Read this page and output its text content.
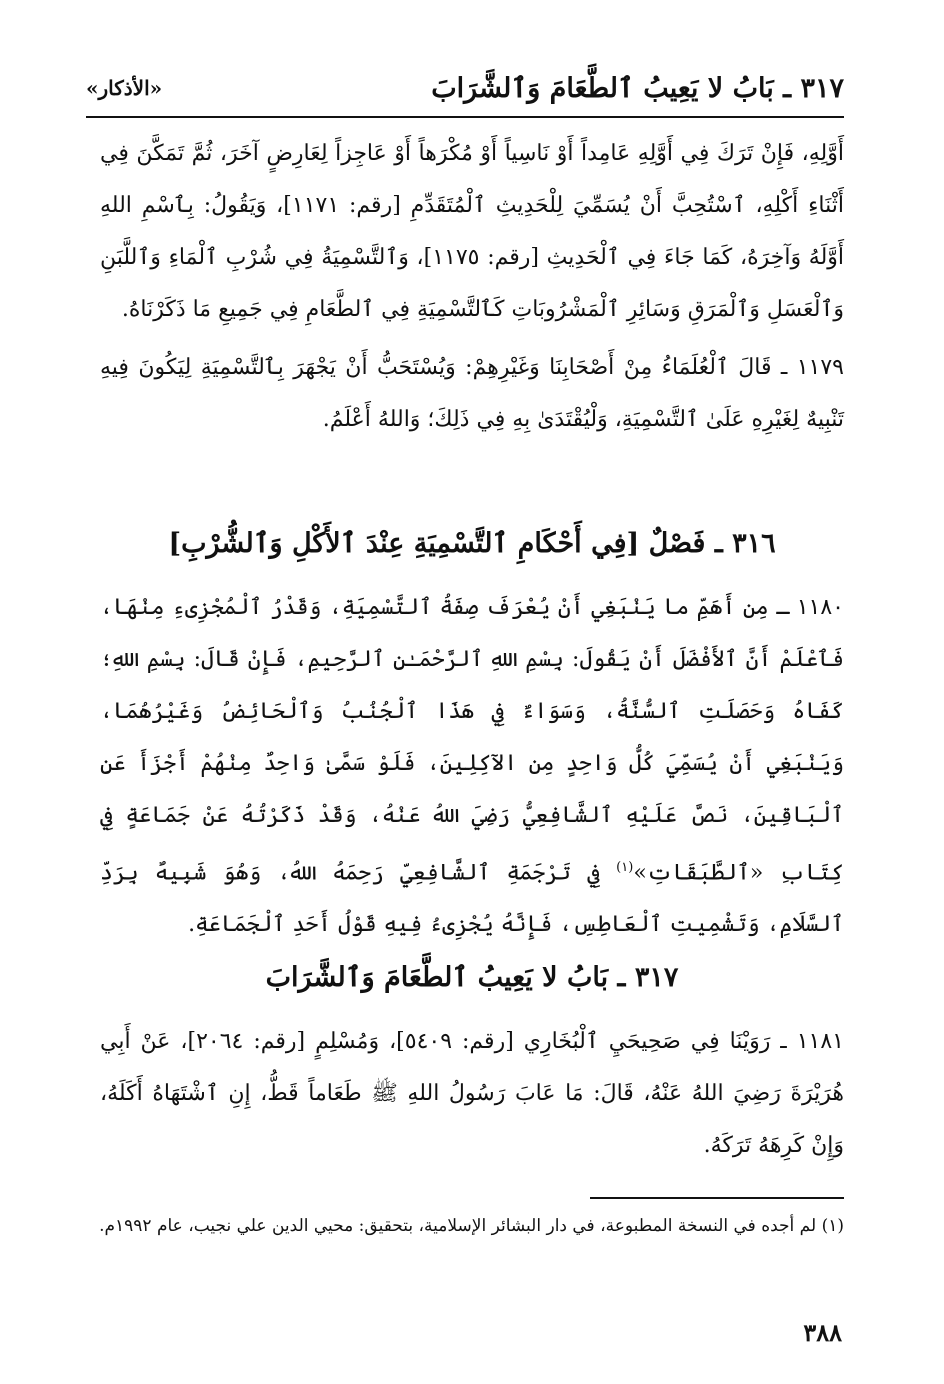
٣١٧ ـ بَابُ لا يَعِيبُ ٱلطَّعَامَ وَٱلشَّرَابَ
«الأذكار»

أَوَّلِهِ، فَإِنْ تَرَكَ فِي أَوَّلِهِ عَامِداً أَوْ نَاسِياً أَوْ مُكْرَهاً أَوْ عَاجِزاً لِعَارِضٍ آخَرَ، ثُمَّ تَمَكَّنَ فِي أَثْنَاءِ أَكْلِهِ، ٱسْتُحِبَّ أَنْ يُسَمِّيَ لِلْحَدِيثِ ٱلْمُتَقَدِّمِ [رقم: ١١٧١]، وَيَقُولُ: بِٱسْمِ اللهِ أَوَّلَهُ وَآخِرَهُ، كَمَا جَاءَ فِي ٱلْحَدِيثِ [رقم: ١١٧٥]، وَٱلتَّسْمِيَةُ فِي شُرْبِ ٱلْمَاءِ وَٱللَّبَنِ وَٱلْعَسَلِ وَٱلْمَرَقِ وَسَائِرِ ٱلْمَشْرُوبَاتِ كَٱلتَّسْمِيَةِ فِي ٱلطَّعَامِ فِي جَمِيعِ مَا ذَكَرْنَاهُ.

١١٧٩ ـ قَالَ ٱلْعُلَمَاءُ مِنْ أَصْحَابِنَا وَغَيْرِهِمْ: وَيُسْتَحَبُّ أَنْ يَجْهَرَ بِٱلتَّسْمِيَةِ لِيَكُونَ فِيهِ تَنْبِيهٌ لِغَيْرِهِ عَلَىٰ ٱلتَّسْمِيَةِ، وَلْيُقْتَدَىٰ بِهِ فِي ذَلِكَ؛ وَاللهُ أَعْلَمُ.

٣١٦ ـ فَصْلٌ [فِي أَحْكَامِ ٱلتَّسْمِيَةِ عِنْدَ ٱلأَكْلِ وَٱلشُّرْبِ]

١١٨٠ ـ مِن أَهَمِّ ما يَنْبَغِي أَنْ يُعْرَفَ صِفَةُ ٱلتَّسْمِيَةِ، وَقَدْرُ ٱلْمُجْزِىءِ مِنْهَا، فَٱعْلَمْ أَنَّ ٱلأَفْضَلَ أَنْ يَقُولَ: بِسْمِ اللهِ ٱلرَّحْمَـٰنِ ٱلرَّحِيمِ، فَإِنْ قَالَ: بِسْمِ اللهِ؛ كَفَاهُ وَحَصَلَتِ ٱلسُّنَّةُ، وَسَوَاءٌ فِي هَذَا ٱلْجُنُبُ وَٱلْحَائِضُ وَغَيْرُهُمَا، وَيَنْبَغِي أَنْ يُسَمِّيَ كُلُّ وَاحِدٍ مِن الآكِلِينَ، فَلَوْ سَمَّىٰ وَاحِدٌ مِنْهُمْ أَجْزَأَ عَنِ ٱلْبَاقِينَ، نَصَّ عَلَيْهِ ٱلشَّافِعِيُّ رَضِيَ اللهُ عَنْهُ، وَقَدْ ذَكَرْتُهُ عَنْ جَمَاعَةٍ فِي كِتَابِ «ٱلطَّبَقَاتِ»$^{(١)}$ فِي تَرْجَمَةِ ٱلشَّافِعِيِّ رَحِمَهُ اللهُ، وَهُوَ شَبِيهٌ بِرَدِّ ٱلسَّلَامِ، وَتَشْمِيتِ ٱلْعَاطِسِ، فَإِنَّهُ يُجْزِىءُ فِيهِ قَوْلُ أَحَدِ ٱلْجَمَاعَةِ.

٣١٧ ـ بَابُ لا يَعِيبُ ٱلطَّعَامَ وَٱلشَّرَابَ

١١٨١ ـ رَوَيْنَا فِي صَحِيحَيِ ٱلْبُخَارِي [رقم: ٥٤٠٩]، وَمُسْلِمٍ [رقم: ٢٠٦٤]، عَنْ أَبِي هُرَيْرَةَ رَضِيَ اللهُ عَنْهُ، قَالَ: مَا عَابَ رَسُولُ اللهِ ﷺ طَعَاماً قَطُّ، إِنِ ٱشْتَهَاهُ أَكَلَهُ، وَإِنْ كَرِهَهُ تَرَكَهُ.

(١) لم أجده في النسخة المطبوعة، في دار البشائر الإسلامية، بتحقيق: محيي الدين علي نجيب، عام ١٩٩٢م.
٣٨٨
